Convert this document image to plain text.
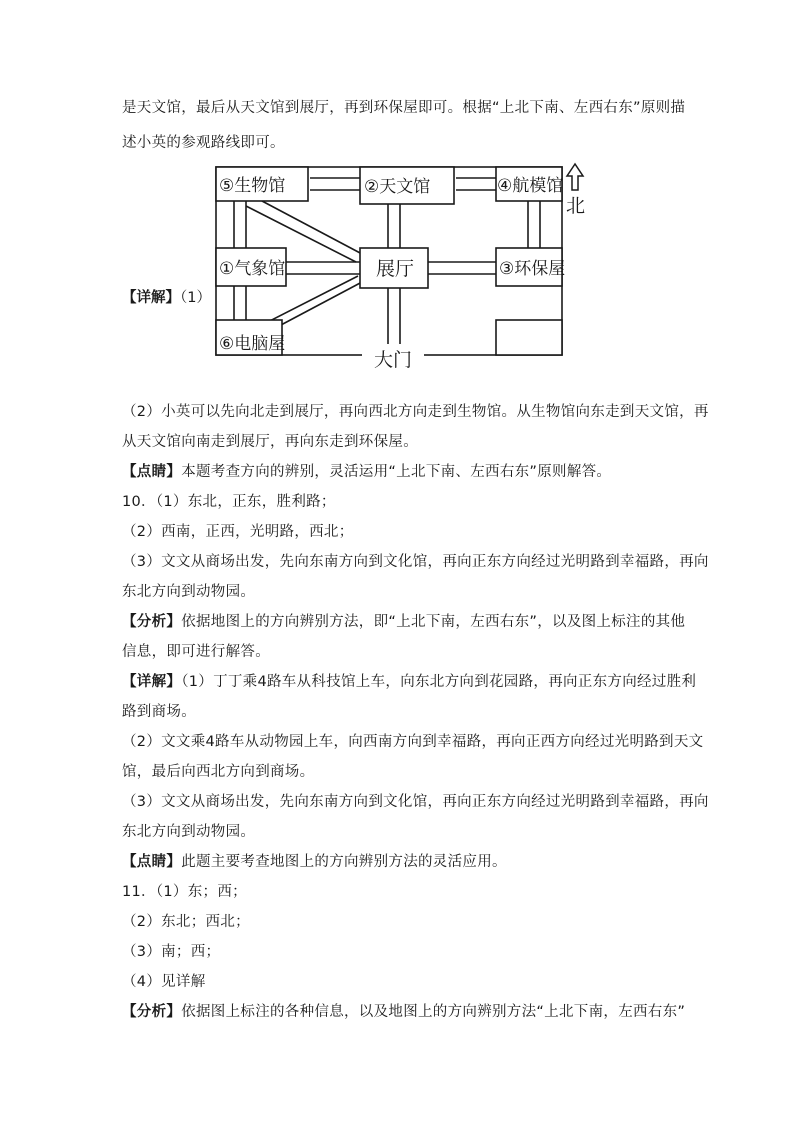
是天文馆，最后从天文馆到展厅，再到环保屋即可。根据“上北下南、左西右东”原则描
述小英的参观路线即可。
【详解】（1）
⑤生物馆	②天文馆	④航模馆
①气象馆	展厅	③环保屋
⑥电脑屋
大门
北
（2）小英可以先向北走到展厅，再向西北方向走到生物馆。从生物馆向东走到天文馆，再
从天文馆向南走到展厅，再向东走到环保屋。
【点睛】本题考查方向的辨别，灵活运用“上北下南、左西右东”原则解答。
10．（1）东北，正东，胜利路；
（2）西南，正西，光明路，西北；
（3）文文从商场出发，先向东南方向到文化馆，再向正东方向经过光明路到幸福路，再向
东北方向到动物园。
【分析】依据地图上的方向辨别方法，即“上北下南，左西右东”，以及图上标注的其他
信息，即可进行解答。
【详解】（1）丁丁乘4路车从科技馆上车，向东北方向到花园路，再向正东方向经过胜利
路到商场。
（2）文文乘4路车从动物园上车，向西南方向到幸福路，再向正西方向经过光明路到天文
馆，最后向西北方向到商场。
（3）文文从商场出发，先向东南方向到文化馆，再向正东方向经过光明路到幸福路，再向
东北方向到动物园。
【点睛】此题主要考查地图上的方向辨别方法的灵活应用。
11．（1）东；西；
（2）东北；西北；
（3）南；西；
（4）见详解
【分析】依据图上标注的各种信息，以及地图上的方向辨别方法“上北下南，左西右东”
